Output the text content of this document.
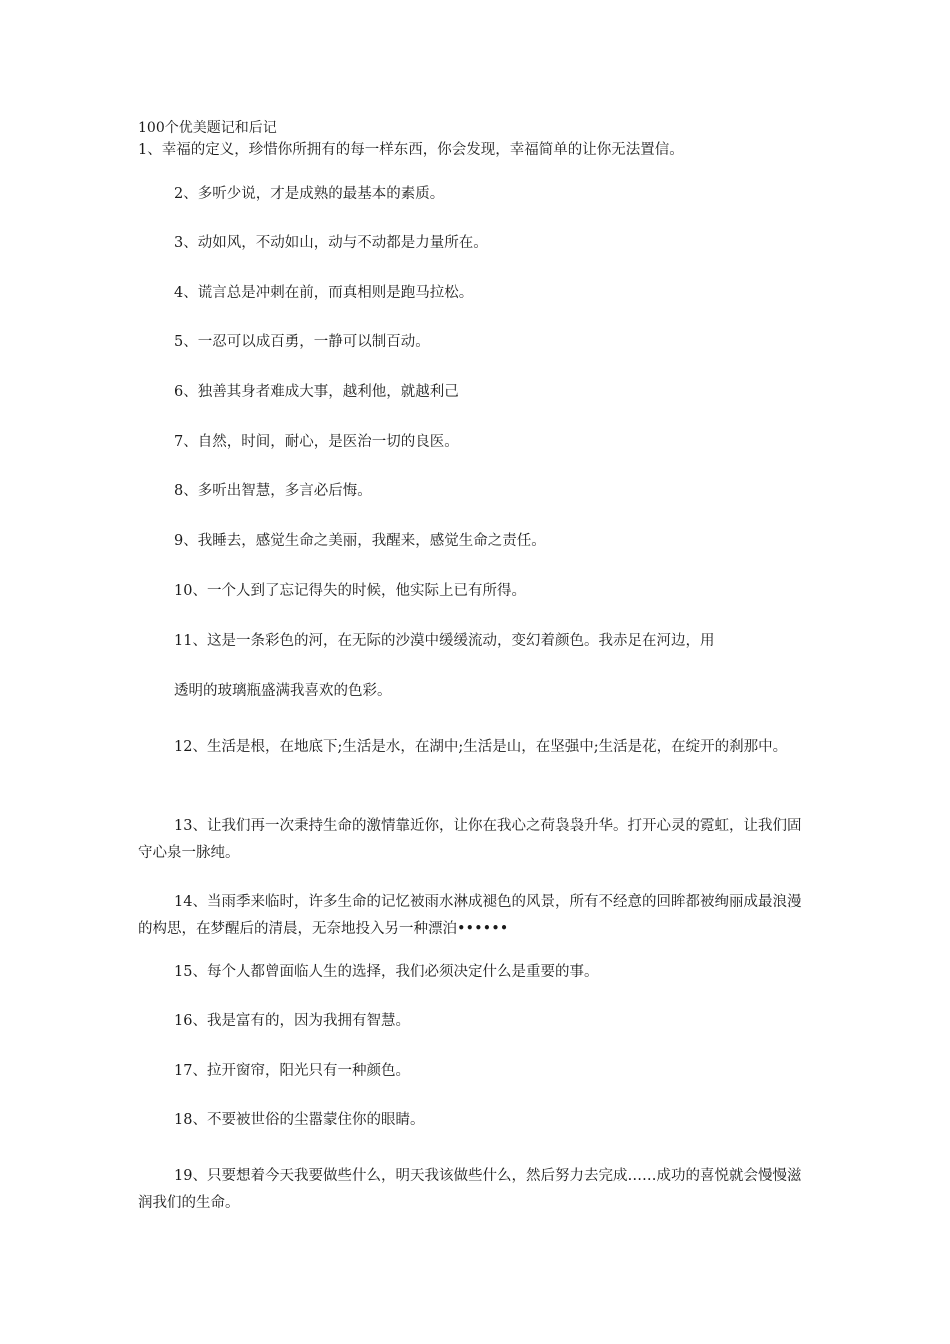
100个优美题记和后记
1、幸福的定义，珍惜你所拥有的每一样东西，你会发现，幸福简单的让你无法置信。
2、多听少说，才是成熟的最基本的素质。
3、动如风，不动如山，动与不动都是力量所在。
4、谎言总是冲刺在前，而真相则是跑马拉松。
5、一忍可以成百勇，一静可以制百动。
6、独善其身者难成大事，越利他，就越利己
7、自然，时间，耐心，是医治一切的良医。
8、多听出智慧，多言必后悔。
9、我睡去，感觉生命之美丽，我醒来，感觉生命之责任。
10、一个人到了忘记得失的时候，他实际上已有所得。
11、这是一条彩色的河，在无际的沙漠中缓缓流动，变幻着颜色。我赤足在河边，用
透明的玻璃瓶盛满我喜欢的色彩。
12、生活是根，在地底下;生活是水，在湖中;生活是山，在坚强中;生活是花，在绽开的刹那中。
13、让我们再一次秉持生命的激情靠近你，让你在我心之荷袅袅升华。打开心灵的霓虹，让我们固守心泉一脉纯。
14、当雨季来临时，许多生命的记忆被雨水淋成褪色的风景，所有不经意的回眸都被绚丽成最浪漫的构思，在梦醒后的清晨，无奈地投入另一种漂泊••••••
15、每个人都曾面临人生的选择，我们必须决定什么是重要的事。
16、我是富有的，因为我拥有智慧。
17、拉开窗帘，阳光只有一种颜色。
18、不要被世俗的尘嚣蒙住你的眼睛。
19、只要想着今天我要做些什么，明天我该做些什么，然后努力去完成……成功的喜悦就会慢慢滋润我们的生命。
